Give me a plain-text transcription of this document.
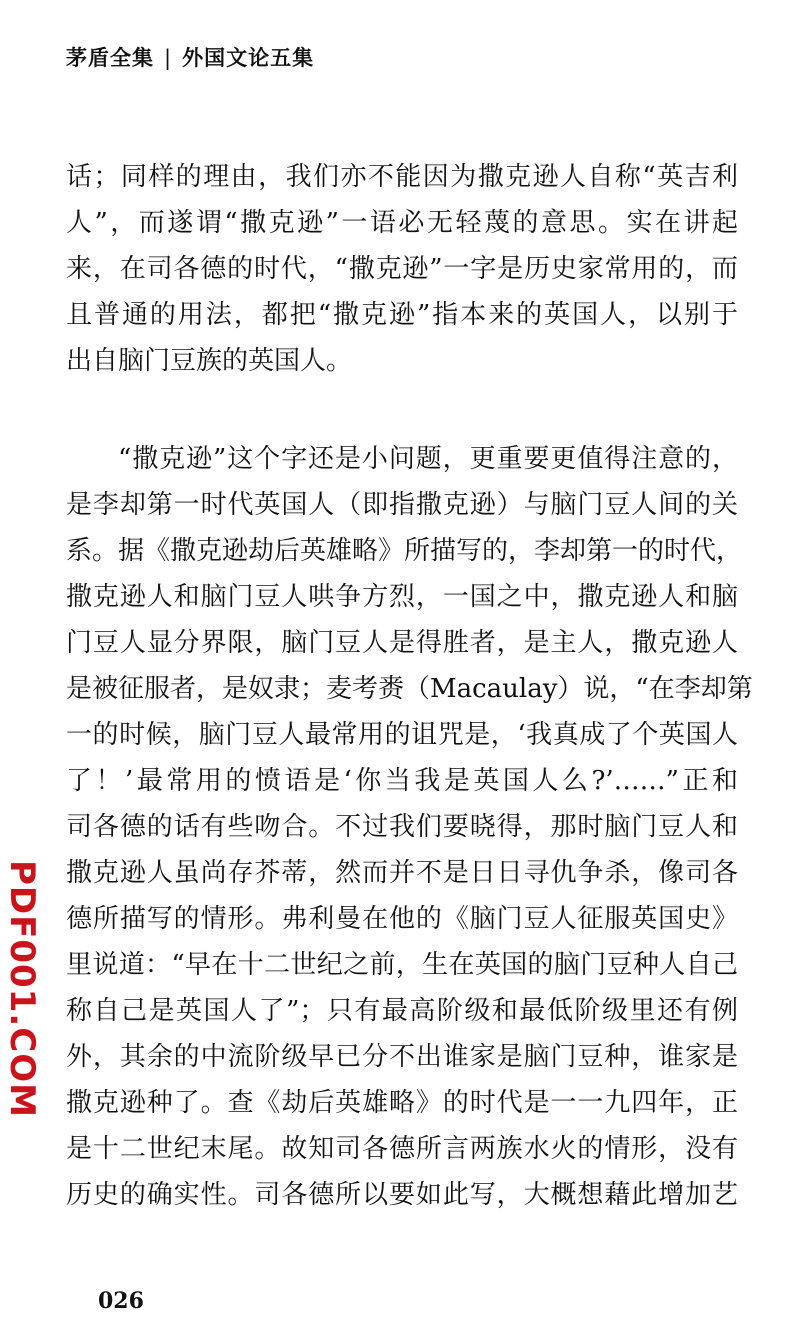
茅盾全集 | 外国文论五集
话；同样的理由，我们亦不能因为撒克逊人自称“英吉利
人”，而遂谓“撒克逊”一语必无轻蔑的意思。实在讲起
来，在司各德的时代，“撒克逊”一字是历史家常用的，而
且普通的用法，都把“撒克逊”指本来的英国人，以别于
出自脑门豆族的英国人。
“撒克逊”这个字还是小问题，更重要更值得注意的，
是李却第一时代英国人（即指撒克逊）与脑门豆人间的关
系。据《撒克逊劫后英雄略》所描写的，李却第一的时代，
撒克逊人和脑门豆人哄争方烈，一国之中，撒克逊人和脑
门豆人显分界限，脑门豆人是得胜者，是主人，撒克逊人
是被征服者，是奴隶；麦考赉（Macaulay）说，“在李却第
一的时候，脑门豆人最常用的诅咒是，‘我真成了个英国人
了！’最常用的愤语是‘你当我是英国人么?’……”正和
司各德的话有些吻合。不过我们要晓得，那时脑门豆人和
撒克逊人虽尚存芥蒂，然而并不是日日寻仇争杀，像司各
德所描写的情形。弗利曼在他的《脑门豆人征服英国史》
里说道：“早在十二世纪之前，生在英国的脑门豆种人自己
称自己是英国人了”；只有最高阶级和最低阶级里还有例
外，其余的中流阶级早已分不出谁家是脑门豆种，谁家是
撒克逊种了。查《劫后英雄略》的时代是一一九四年，正
是十二世纪末尾。故知司各德所言两族水火的情形，没有
历史的确实性。司各德所以要如此写，大概想藉此增加艺
PDF001.COM
026
